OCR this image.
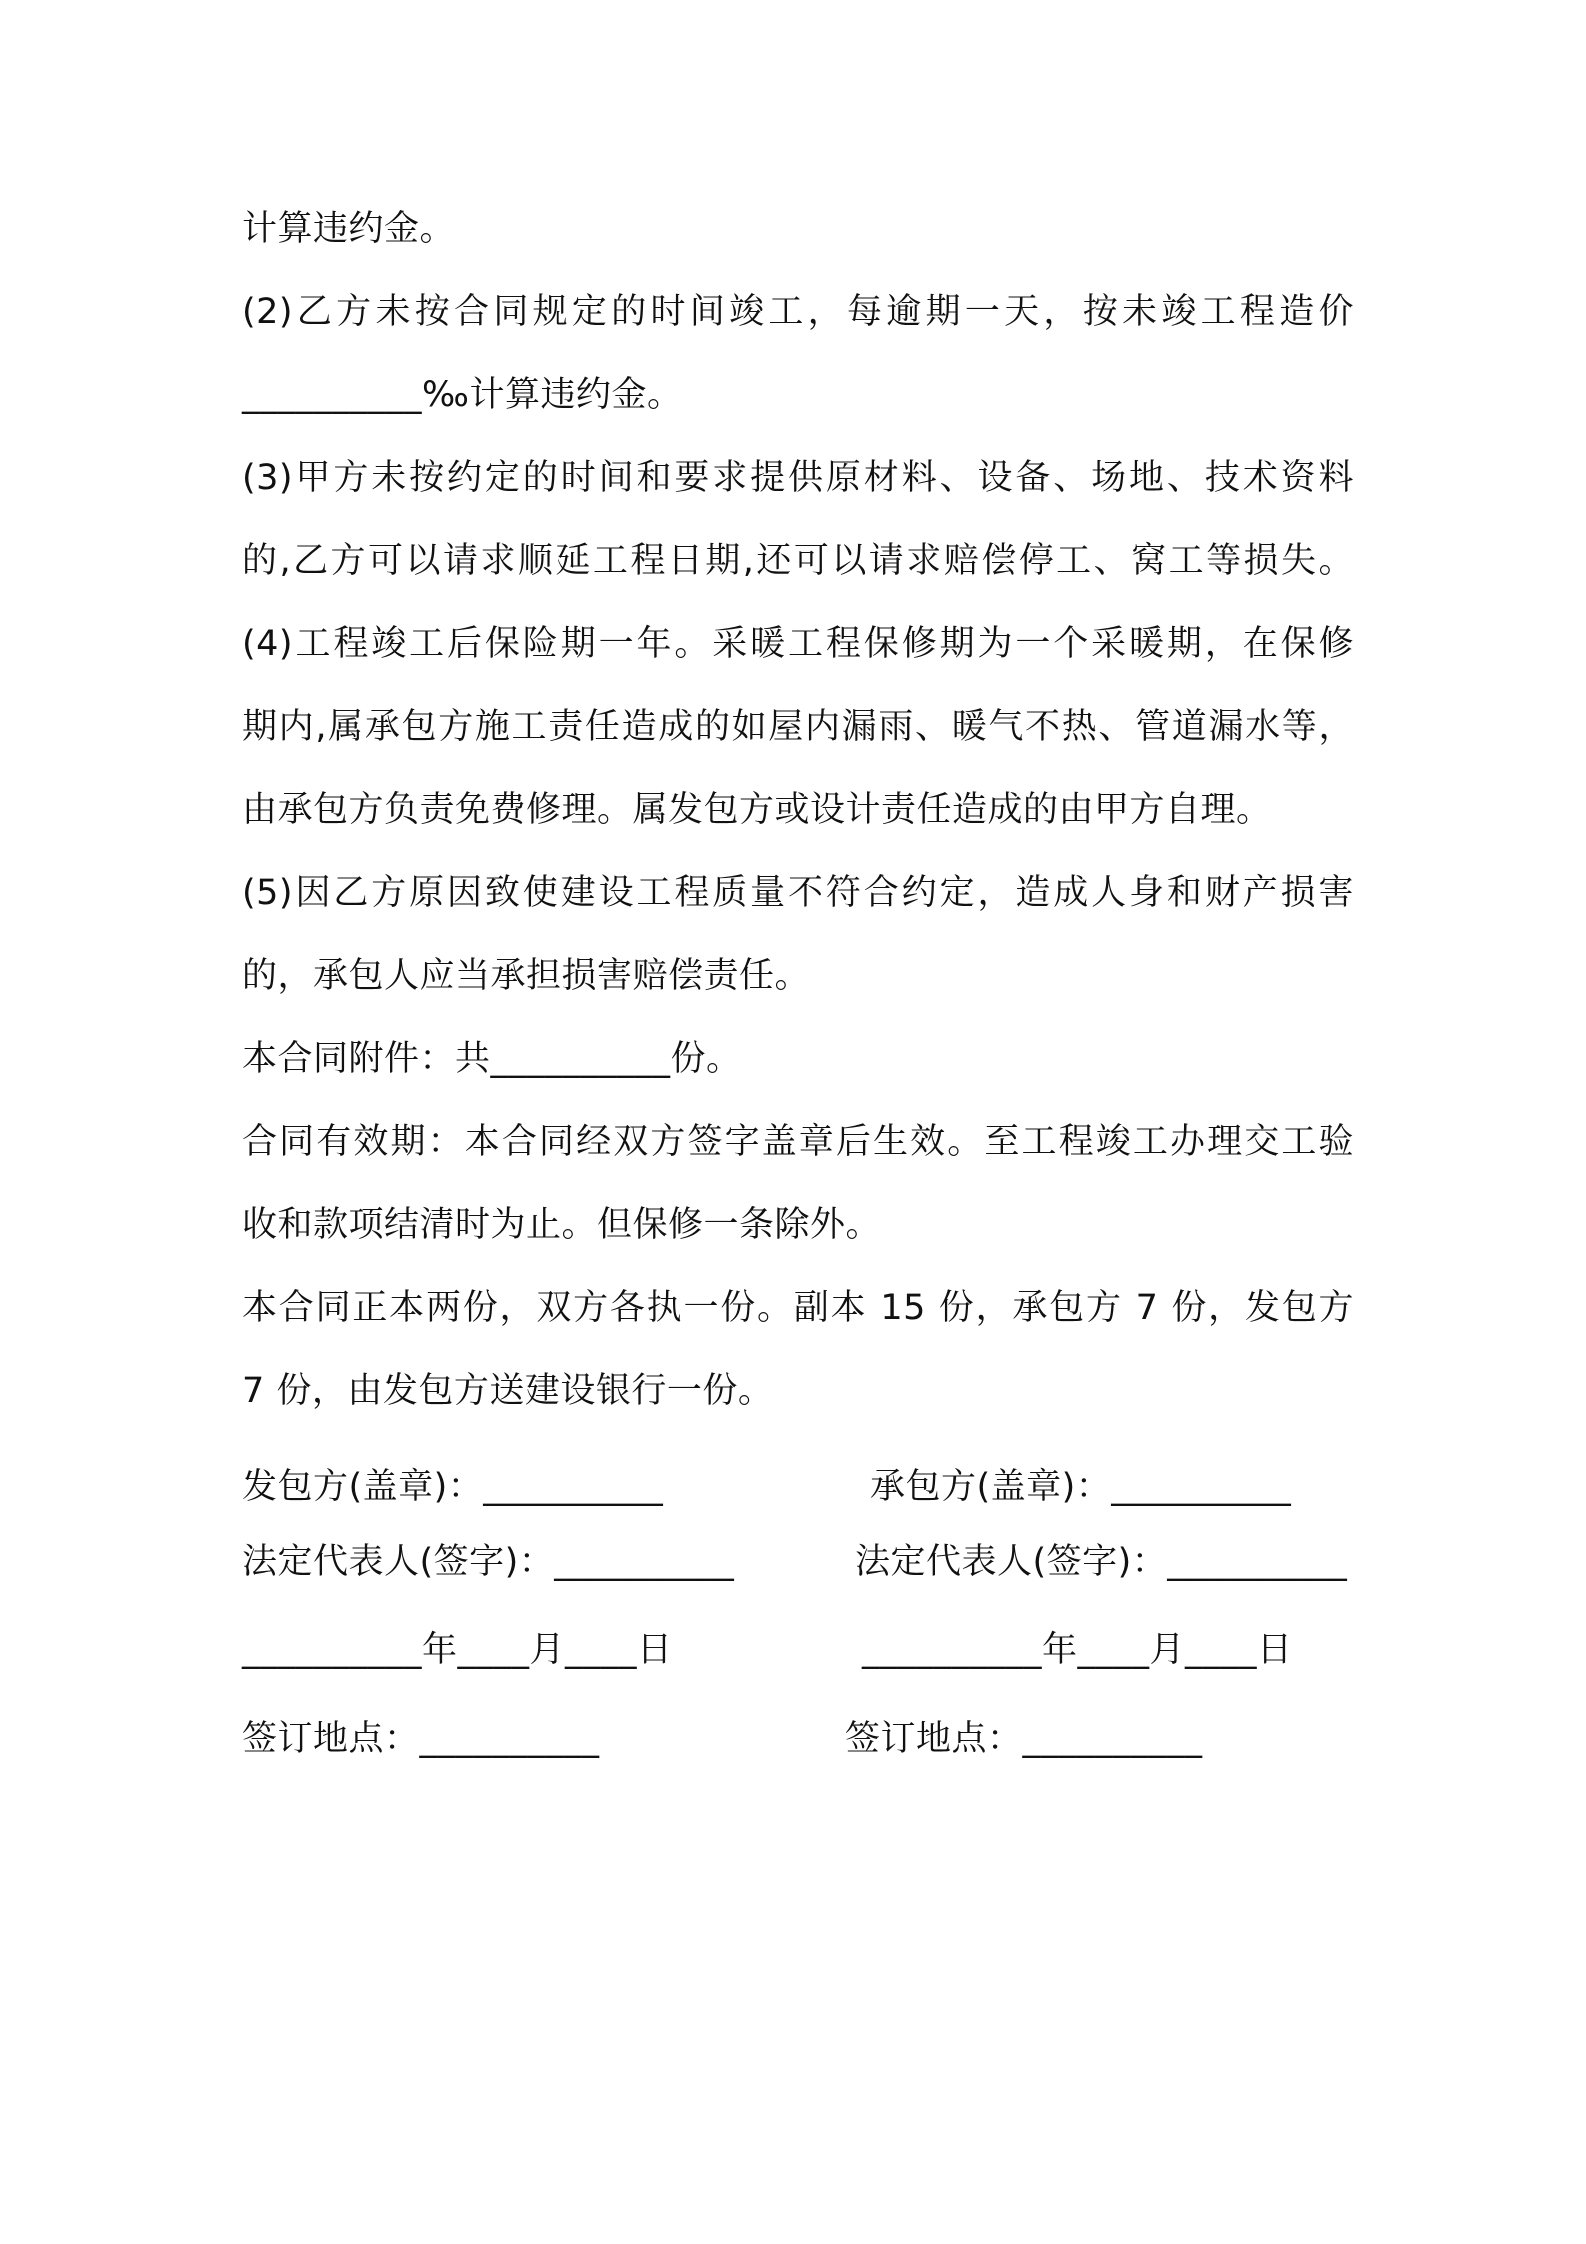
计算违约金。
(2)乙方未按合同规定的时间竣工，每逾期一天，按未竣工程造价
__________‰计算违约金。
(3)甲方未按约定的时间和要求提供原材料、设备、场地、技术资料
的,乙方可以请求顺延工程日期,还可以请求赔偿停工、窝工等损失。
(4)工程竣工后保险期一年。采暖工程保修期为一个采暖期，在保修
期内,属承包方施工责任造成的如屋内漏雨、暖气不热、管道漏水等，
由承包方负责免费修理。属发包方或设计责任造成的由甲方自理。
(5)因乙方原因致使建设工程质量不符合约定，造成人身和财产损害
的，承包人应当承担损害赔偿责任。
本合同附件：共__________份。
合同有效期：本合同经双方签字盖章后生效。至工程竣工办理交工验
收和款项结清时为止。但保修一条除外。
本合同正本两份，双方各执一份。副本 15 份，承包方 7 份，发包方
7 份，由发包方送建设银行一份。
发包方(盖章)：__________
法定代表人(签字)：__________
__________年____月____日
签订地点：__________
承包方(盖章)：__________
法定代表人(签字)：__________
__________年____月____日
签订地点：__________
